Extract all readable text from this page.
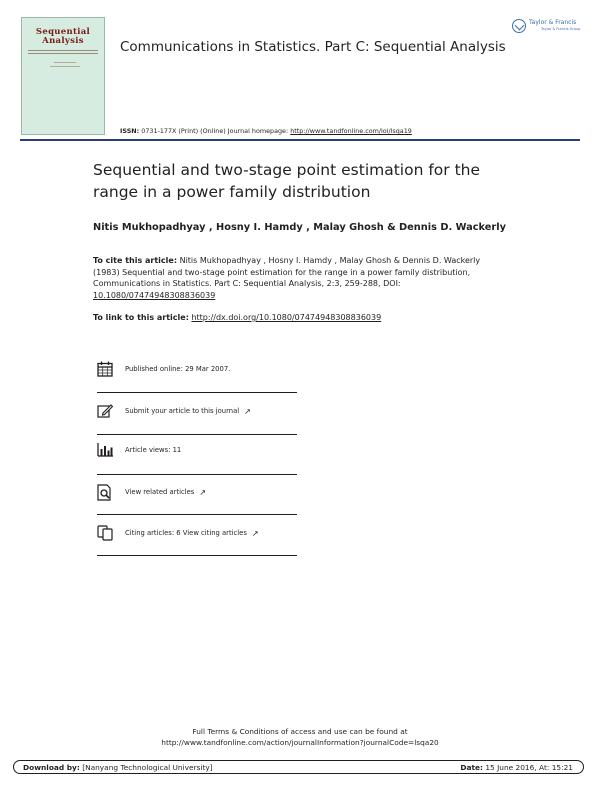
Sequential
Analysis	Communications in Statistics. Part C: Sequential Analysis
ISSN: 0731-177X (Print) (Online) Journal homepage: http://www.tandfonline.com/loi/lsqa19
Taylor & Francis
Taylor & Francis Group
Sequential and two-stage point estimation for the range in a power family distribution
Nitis Mukhopadhyay , Hosny I. Hamdy , Malay Ghosh & Dennis D. Wackerly
To cite this article: Nitis Mukhopadhyay , Hosny I. Hamdy , Malay Ghosh & Dennis D. Wackerly (1983) Sequential and two-stage point estimation for the range in a power family distribution, Communications in Statistics. Part C: Sequential Analysis, 2:3, 259-288, DOI: 10.1080/07474948308836039
To link to this article: http://dx.doi.org/10.1080/07474948308836039
Published online: 29 Mar 2007.
Submit your article to this journal ↗
Article views: 11
View related articles ↗
Citing articles: 6 View citing articles ↗
Full Terms & Conditions of access and use can be found at
http://www.tandfonline.com/action/journalInformation?journalCode=lsqa20
Download by: [Nanyang Technological University]	Date: 15 June 2016, At: 15:21
